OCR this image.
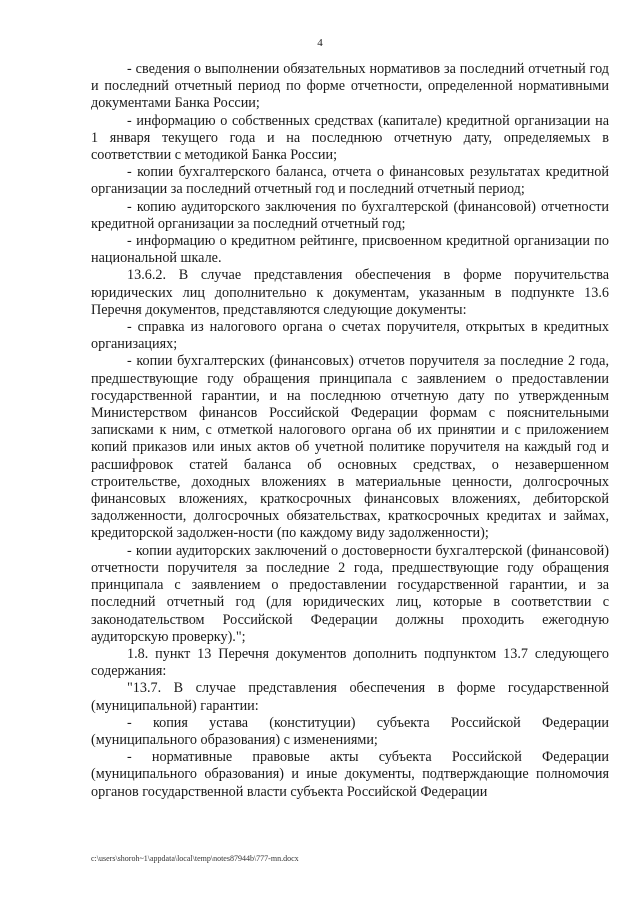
4

- сведения о выполнении обязательных нормативов за последний отчетный год и последний отчетный период по форме отчетности, определенной нормативными документами Банка России;

- информацию о собственных средствах (капитале) кредитной организации на 1 января текущего года и на последнюю отчетную дату, определяемых в соответствии с методикой Банка России;

- копии бухгалтерского баланса, отчета о финансовых результатах кредитной организации за последний отчетный год и последний отчетный период;

- копию аудиторского заключения по бухгалтерской (финансовой) отчетности кредитной организации за последний отчетный год;

- информацию о кредитном рейтинге, присвоенном кредитной организации по национальной шкале.

13.6.2. В случае представления обеспечения в форме поручительства юридических лиц дополнительно к документам, указанным в подпункте 13.6 Перечня документов, представляются следующие документы:

- справка из налогового органа о счетах поручителя, открытых в кредитных организациях;

- копии бухгалтерских (финансовых) отчетов поручителя за последние 2 года, предшествующие году обращения принципала с заявлением о предоставлении государственной гарантии, и на последнюю отчетную дату по утвержденным Министерством финансов Российской Федерации формам с пояснительными записками к ним, с отметкой налогового органа об их принятии и с приложением копий приказов или иных актов об учетной политике поручителя на каждый год и расшифровок статей баланса об основных средствах, о незавершенном строительстве, доходных вложениях в материальные ценности, долгосрочных финансовых вложениях, краткосрочных финансовых вложениях, дебиторской задолженности, долгосрочных обязательствах, краткосрочных кредитах и займах, кредиторской задолжен-ности (по каждому виду задолженности);

- копии аудиторских заключений о достоверности бухгалтерской (финансовой) отчетности поручителя за последние 2 года, предшествующие году обращения принципала с заявлением о предоставлении государственной гарантии, и за последний отчетный год (для юридических лиц, которые в соответствии с законодательством Российской Федерации должны проходить ежегодную аудиторскую проверку).";

1.8. пункт 13 Перечня документов дополнить подпунктом 13.7 следующего содержания:

"13.7. В случае представления обеспечения в форме государственной (муниципальной) гарантии:

- копия устава (конституции) субъекта Российской Федерации (муниципального образования) с изменениями;

- нормативные правовые акты субъекта Российской Федерации (муниципального образования) и иные документы, подтверждающие полномочия органов государственной власти субъекта Российской Федерации

c:\users\shoroh~1\appdata\local\temp\notes87944b\777-mn.docx
